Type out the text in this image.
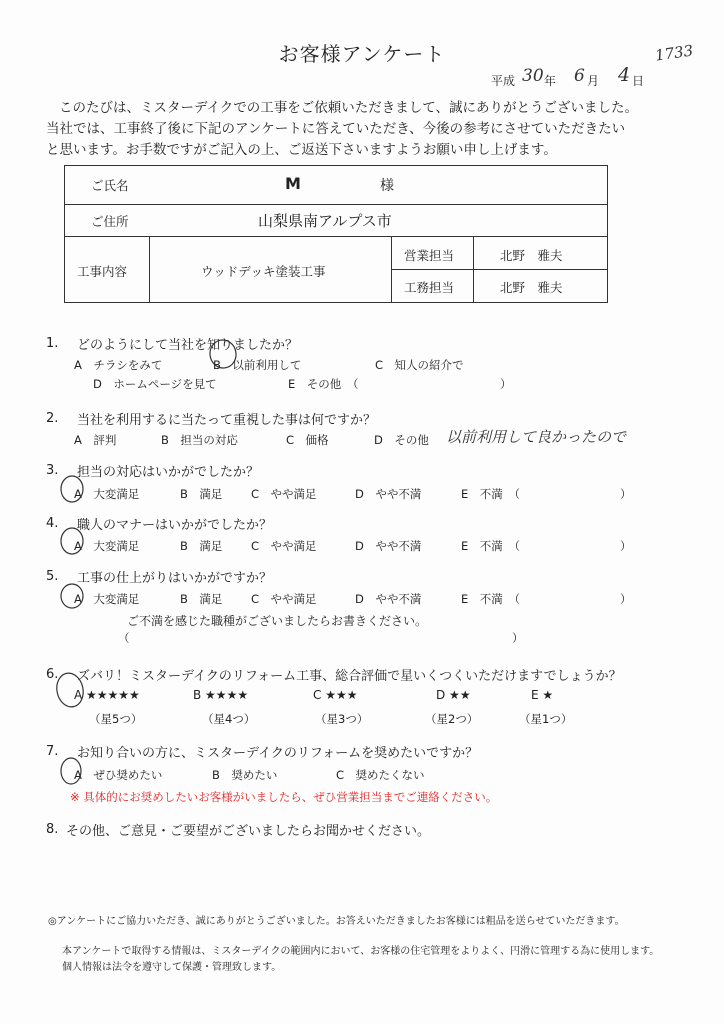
お客様アンケート	1733
平成 30 年 6 月 4 日
このたびは、ミスターデイクでの工事をご依頼いただきまして、誠にありがとうございました。
当社では、工事終了後に下記のアンケートに答えていただき、今後の参考にさせていただきたい
と思います。お手数ですがご記入の上、ご返送下さいますようお願い申し上げます。
ご氏名	M	様
ご住所	山梨県南アルプス市
工事内容	ウッドデッキ塗装工事
営業担当	北野　雅夫
工務担当	北野　雅夫
1. どのようにして当社を知りましたか？
A　チラシをみて	B　以前利用して	C　知人の紹介で
D　ホームページを見て	E　その他　（	）
2. 当社を利用するに当たって重視した事は何ですか？
A　評判	B　担当の対応	C　価格	D　その他 以前利用して良かったので
3. 担当の対応はいかがでしたか？
A　大変満足	B　満足 C　やや満足	D　やや不満	E　不満　（	）
4. 職人のマナーはいかがでしたか？
A　大変満足	B　満足 C　やや満足	D　やや不満	E　不満　（	）
5. 工事の仕上がりはいかがですか？
A　大変満足	B　満足 C　やや満足	D　やや不満	E　不満　（	）
ご不満を感じた職種がございましたらお書きください。
（	）
6. ズバリ！ミスターデイクのリフォーム工事、総合評価で星いくつくいただけますでしょうか？
A ★★★★★	B ★★★★	C ★★★	D ★★	E ★
（星5つ）	（星4つ）	（星3つ）	（星2つ）	（星1つ）
7. お知り合いの方に、ミスターデイクのリフォームを奨めたいですか？
A　ぜひ奨めたい	B　奨めたい	C　奨めたくない
※ 具体的にお奨めしたいお客様がいましたら、ぜひ営業担当までご連絡ください。
8. その他、ご意見・ご要望がございましたらお聞かせください。
◎アンケートにご協力いただき、誠にありがとうございました。お答えいただきましたお客様には粗品を送らせていただきます。
本アンケートで取得する情報は、ミスターデイクの範囲内において、お客様の住宅管理をよりよく、円滑に管理する為に使用します。
個人情報は法令を遵守して保護・管理致します。
